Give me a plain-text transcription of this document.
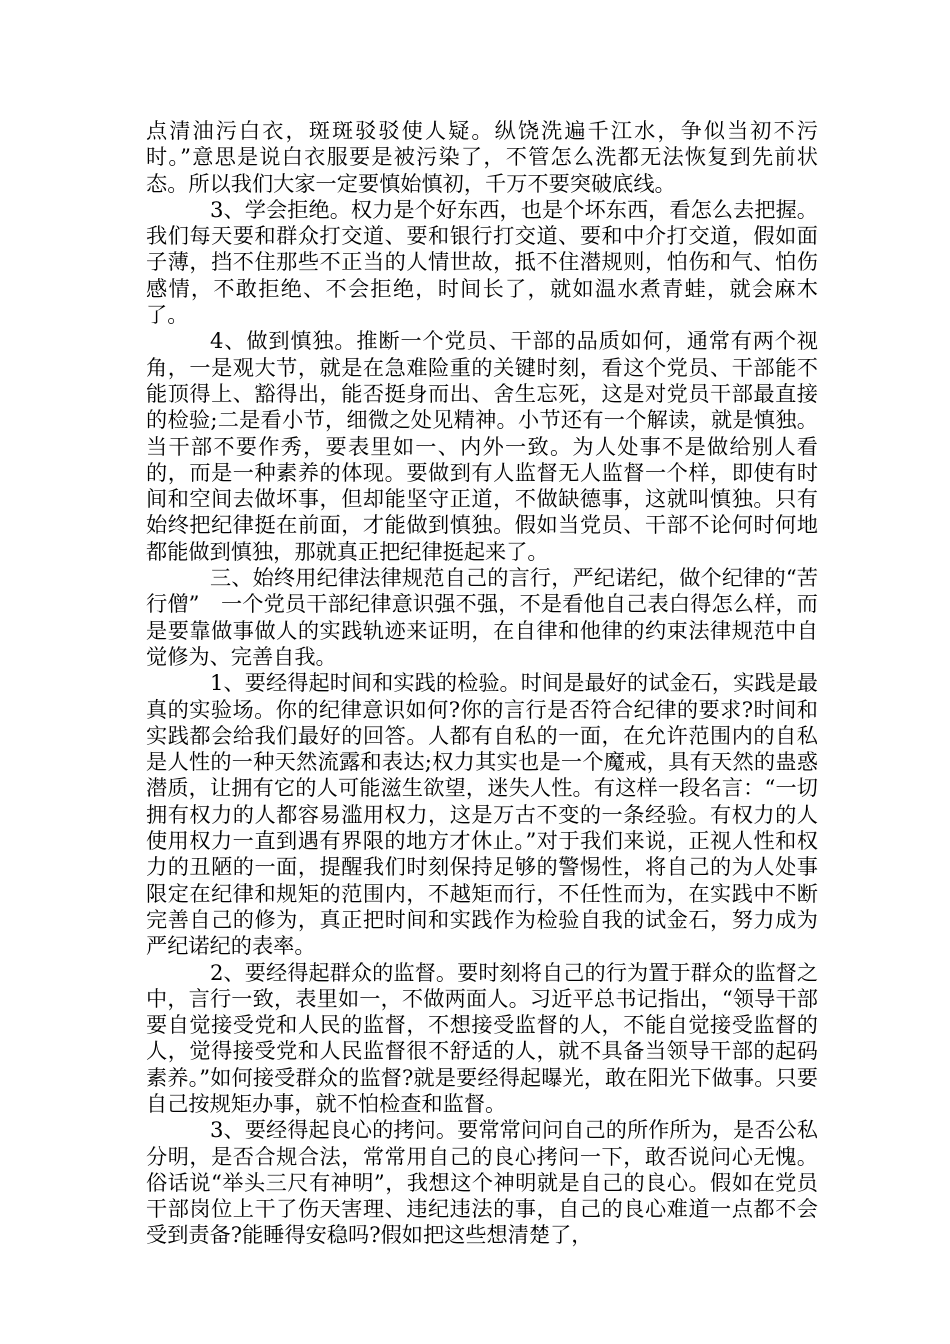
点清油污白衣，斑斑驳驳使人疑。纵饶洗遍千江水，争似当初不污时。”意思是说白衣服要是被污染了，不管怎么洗都无法恢复到先前状态。所以我们大家一定要慎始慎初，千万不要突破底线。

3、学会拒绝。权力是个好东西，也是个坏东西，看怎么去把握。我们每天要和群众打交道、要和银行打交道、要和中介打交道，假如面子薄，挡不住那些不正当的人情世故，抵不住潜规则，怕伤和气、怕伤感情，不敢拒绝、不会拒绝，时间长了，就如温水煮青蛙，就会麻木了。

4、做到慎独。推断一个党员、干部的品质如何，通常有两个视角，一是观大节，就是在急难险重的关键时刻，看这个党员、干部能不能顶得上、豁得出，能否挺身而出、舍生忘死，这是对党员干部最直接的检验;二是看小节，细微之处见精神。小节还有一个解读，就是慎独。当干部不要作秀，要表里如一、内外一致。为人处事不是做给别人看的，而是一种素养的体现。要做到有人监督无人监督一个样，即使有时间和空间去做坏事，但却能坚守正道，不做缺德事，这就叫慎独。只有始终把纪律挺在前面，才能做到慎独。假如当党员、干部不论何时何地都能做到慎独，那就真正把纪律挺起来了。

三、始终用纪律法律规范自己的言行，严纪诺纪，做个纪律的“苦行僧”　一个党员干部纪律意识强不强，不是看他自己表白得怎么样，而是要靠做事做人的实践轨迹来证明，在自律和他律的约束法律规范中自觉修为、完善自我。

1、要经得起时间和实践的检验。时间是最好的试金石，实践是最真的实验场。你的纪律意识如何?你的言行是否符合纪律的要求?时间和实践都会给我们最好的回答。人都有自私的一面，在允许范围内的自私是人性的一种天然流露和表达;权力其实也是一个魔戒，具有天然的蛊惑潜质，让拥有它的人可能滋生欲望，迷失人性。有这样一段名言：“一切拥有权力的人都容易滥用权力，这是万古不变的一条经验。有权力的人使用权力一直到遇有界限的地方才休止。”对于我们来说，正视人性和权力的丑陋的一面，提醒我们时刻保持足够的警惕性，将自己的为人处事限定在纪律和规矩的范围内，不越矩而行，不任性而为，在实践中不断完善自己的修为，真正把时间和实践作为检验自我的试金石，努力成为严纪诺纪的表率。

2、要经得起群众的监督。要时刻将自己的行为置于群众的监督之中，言行一致，表里如一，不做两面人。习近平总书记指出，“领导干部要自觉接受党和人民的监督，不想接受监督的人，不能自觉接受监督的人，觉得接受党和人民监督很不舒适的人，就不具备当领导干部的起码素养。”如何接受群众的监督?就是要经得起曝光，敢在阳光下做事。只要自己按规矩办事，就不怕检查和监督。

3、要经得起良心的拷问。要常常问问自己的所作所为，是否公私分明，是否合规合法，常常用自己的良心拷问一下，敢否说问心无愧。俗话说“举头三尺有神明”，我想这个神明就是自己的良心。假如在党员干部岗位上干了伤天害理、违纪违法的事，自己的良心难道一点都不会受到责备?能睡得安稳吗?假如把这些想清楚了，
